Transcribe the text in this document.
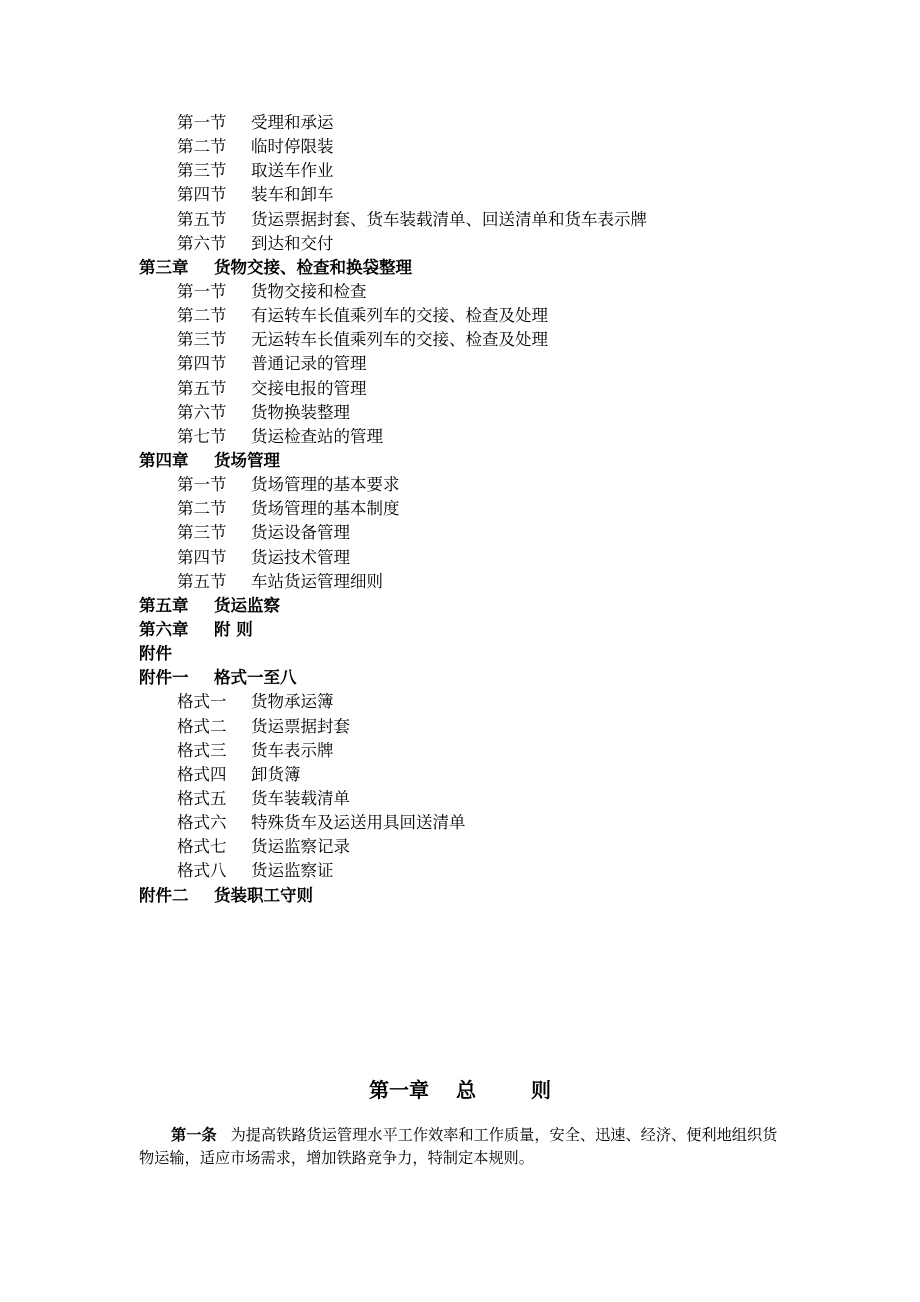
第一节	受理和承运
第二节	临时停限装
第三节	取送车作业
第四节	装车和卸车
第五节	货运票据封套、货车装载清单、回送清单和货车表示牌
第六节	到达和交付
第三章	货物交接、检查和换袋整理
第一节	货物交接和检查
第二节	有运转车长值乘列车的交接、检查及处理
第三节	无运转车长值乘列车的交接、检查及处理
第四节	普通记录的管理
第五节	交接电报的管理
第六节	货物换装整理
第七节	货运检查站的管理
第四章	货场管理
第一节	货场管理的基本要求
第二节	货场管理的基本制度
第三节	货运设备管理
第四节	货运技术管理
第五节	车站货运管理细则
第五章	货运监察
第六章	附 则
附件
附件一	格式一至八
格式一	货物承运簿
格式二	货运票据封套
格式三	货车表示牌
格式四	卸货簿
格式五	货车装载清单
格式六	特殊货车及运送用具回送清单
格式七	货运监察记录
格式八	货运监察证
附件二	货装职工守则
第一章 总	则
第一条 为提高铁路货运管理水平工作效率和工作质量，安全、迅速、经济、便利地组织货物运输，适应市场需求，增加铁路竞争力，特制定本规则。
